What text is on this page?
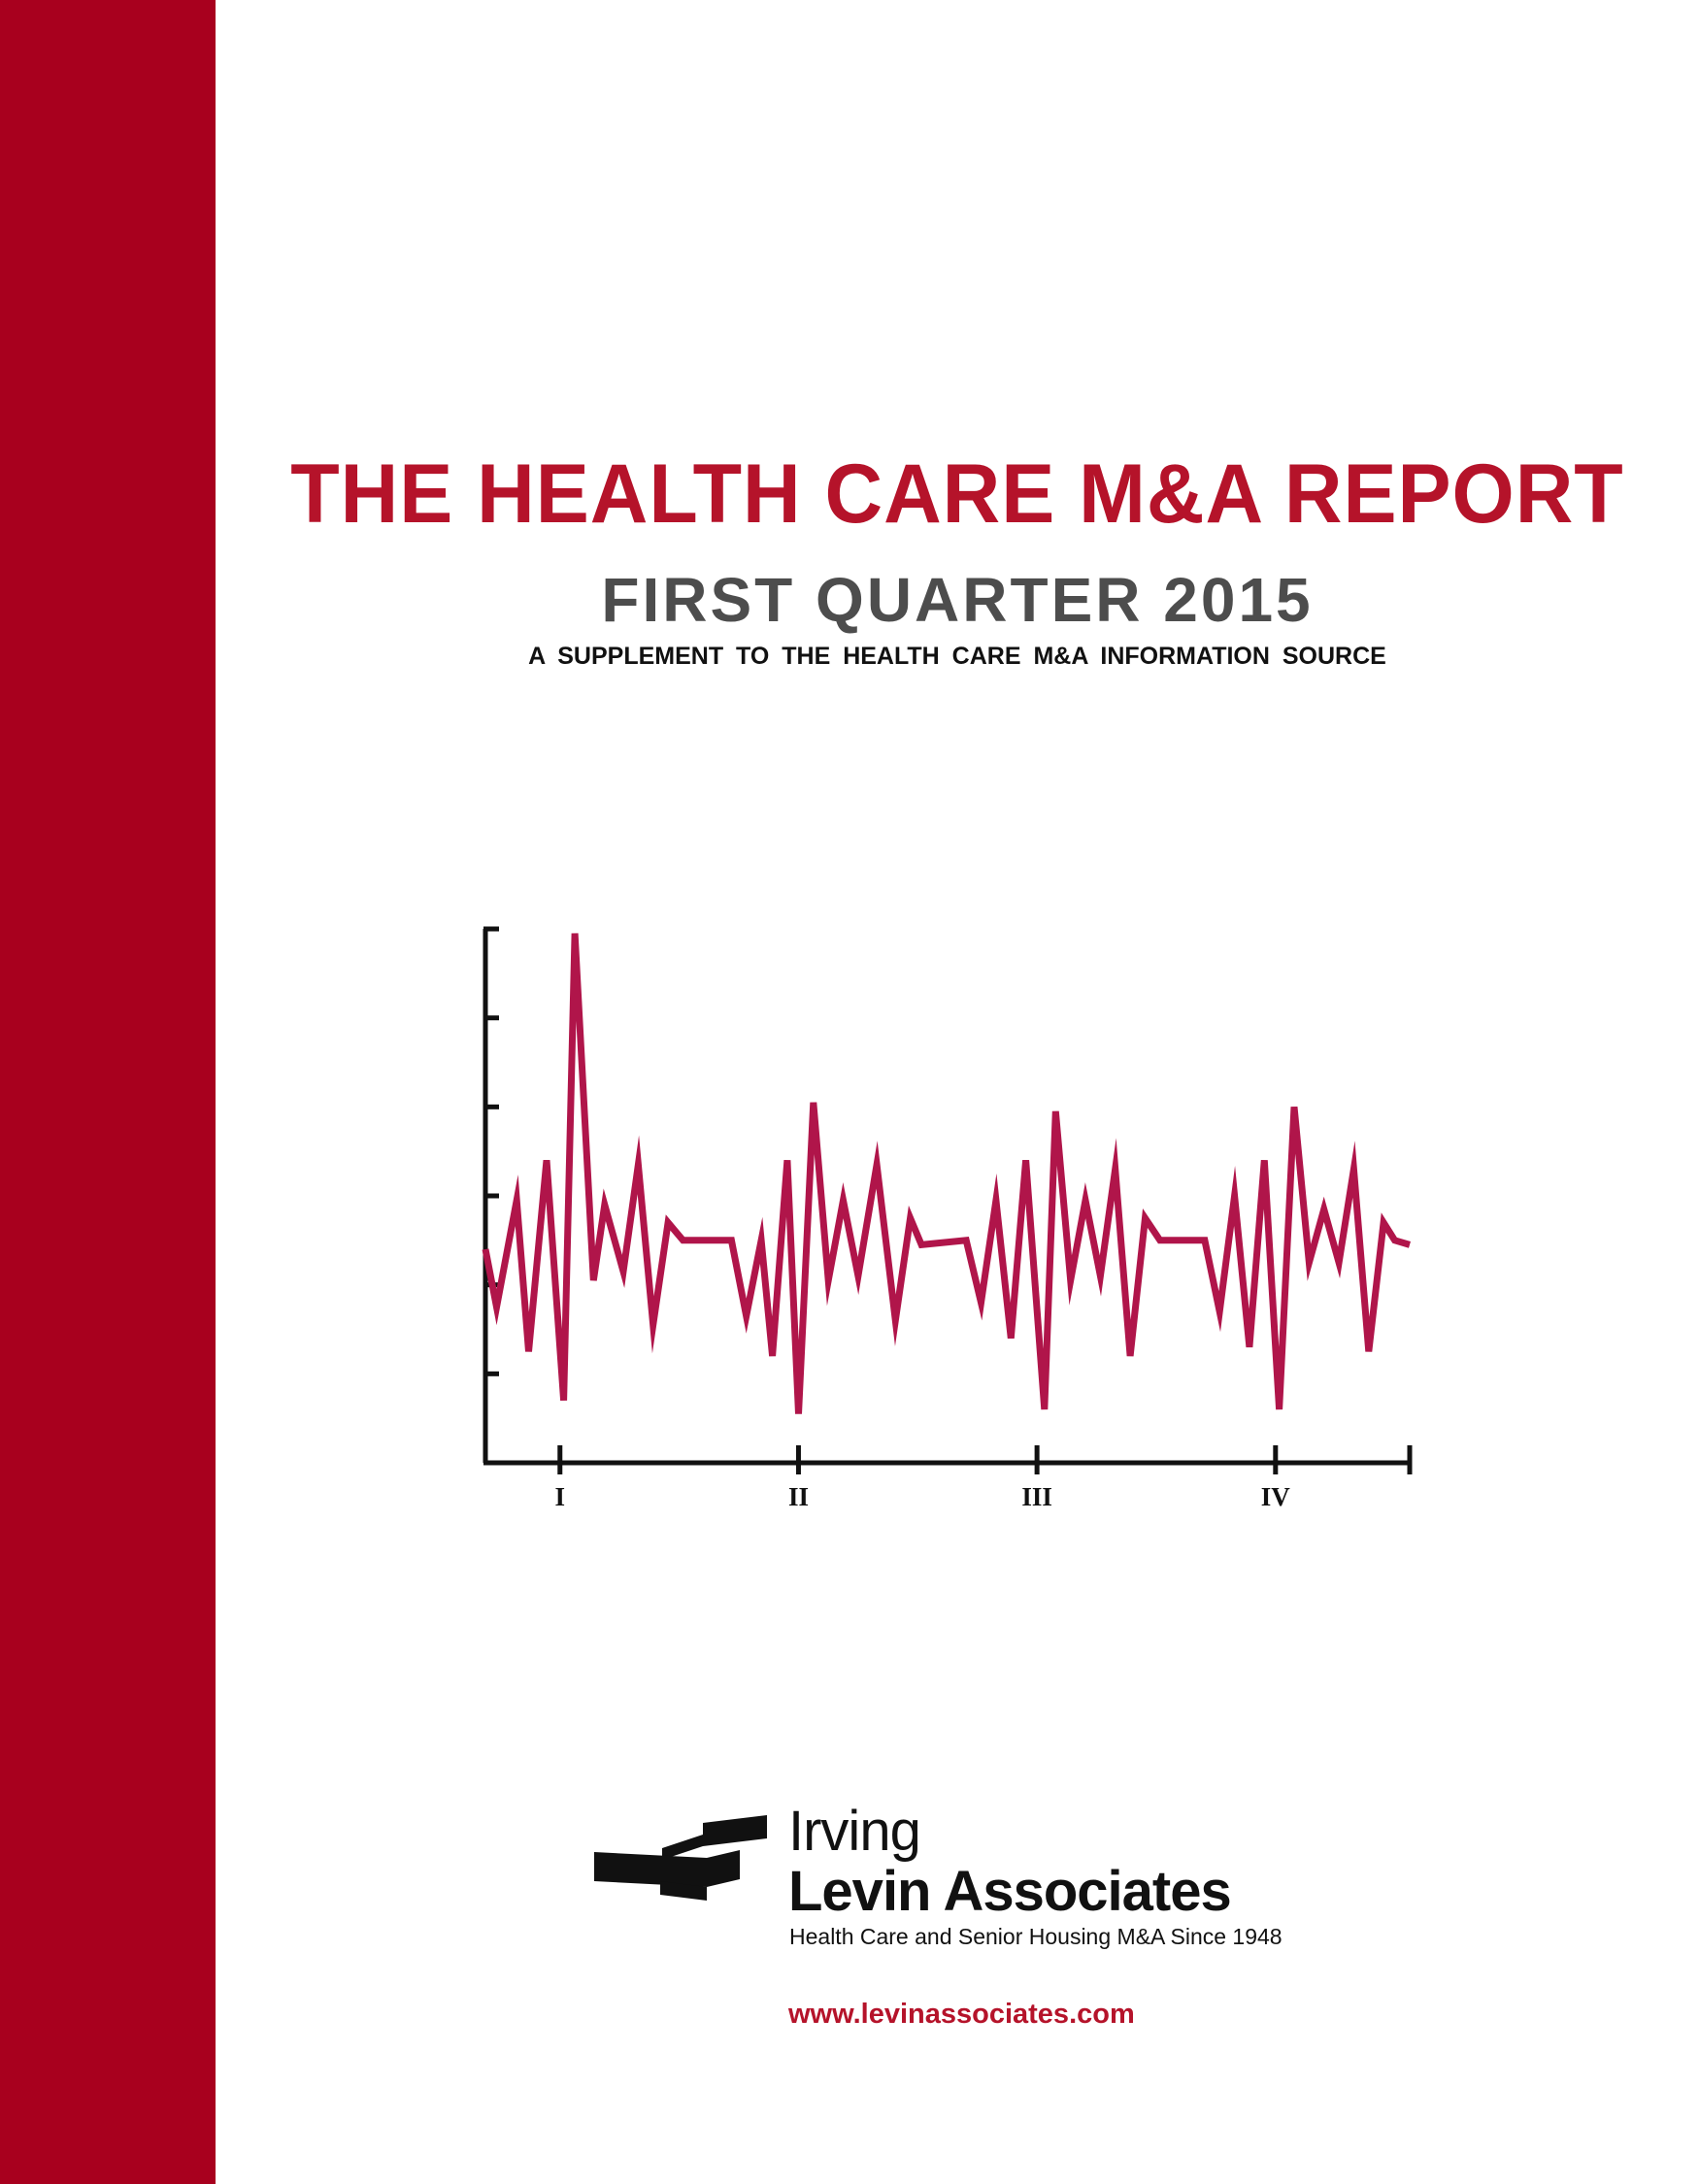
THE HEALTH CARE M&A REPORT
FIRST QUARTER 2015
A SUPPLEMENT TO THE HEALTH CARE M&A INFORMATION SOURCE
I	II	III	IV
Irving
Levin Associates
Health Care and Senior Housing M&A Since 1948
www.levinassociates.com
